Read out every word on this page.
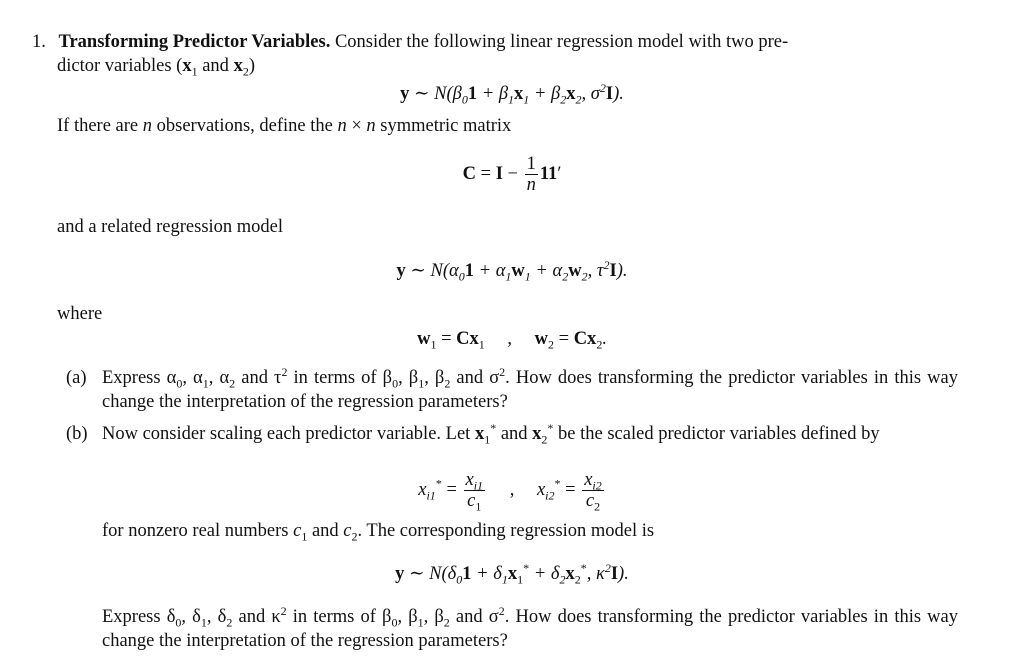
1. Transforming Predictor Variables. Consider the following linear regression model with two pre-
dictor variables ($x_1$ and $x_2$)
y ∼ $N(\beta_01 + \beta_1x_1 + \beta_2x_2$, $\sigma^2I$).
If there are n observations, define the n × n symmetric matrix
$C = I - \frac{1}{n} 11'$
and a related regression model
y ∼ $N(\alpha_01 + \alpha_1w_1 + \alpha_2w_2$, $\tau^2I$).
where
$w_1 = Cx_1$ , $w_2 = Cx_2$.
(a) Express $\alpha_0$, $\alpha_1$, $\alpha_2$ and $\tau^2$ in terms of $\beta_0$, $\beta_1$, $\beta_2$ and $\sigma^2$. How does transforming the predictor variables in this way change the interpretation of the regression parameters?
(b) Now consider scaling each predictor variable. Let $x_1^*$ and $x_2^*$ be the scaled predictor variables defined by
$x_{i1}^* = \frac{x_{i1}}{c_1}$ , $x_{i2}^* = \frac{x_{i2}}{c_2}$
for nonzero real numbers $c_1$ and $c_2$. The corresponding regression model is
y ∼ $N(\delta_01 + \delta_1x_1^* + \delta_2x_2^*$, $\kappa^2I$).
Express $\delta_0$, $\delta_1$, $\delta_2$ and $\kappa^2$ in terms of $\beta_0$, $\beta_1$, $\beta_2$ and $\sigma^2$. How does transforming the predictor variables in this way change the interpretation of the regression parameters?
